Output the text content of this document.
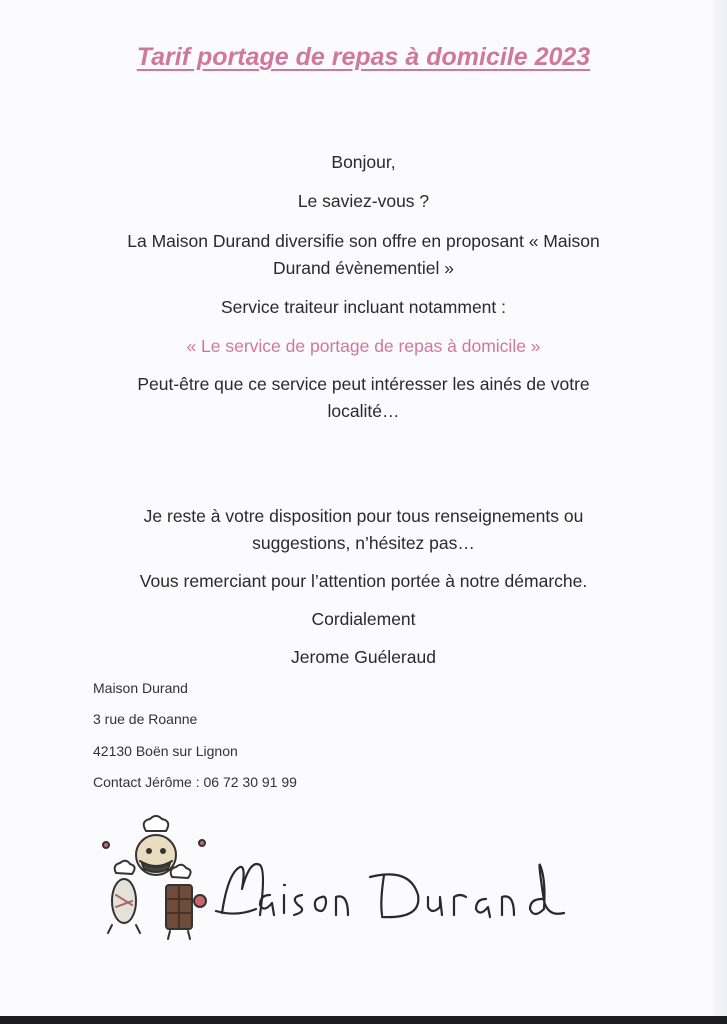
Tarif portage de repas à domicile 2023

Bonjour,

Le saviez-vous ?

La Maison Durand diversifie son offre en proposant « Maison

Durand évènementiel »

Service traiteur incluant notamment :

« Le service de portage de repas à domicile »

Peut-être que ce service peut intéresser les ainés de votre

localité…

Je reste à votre disposition pour tous renseignements ou

suggestions, n’hésitez pas…

Vous remerciant pour l’attention portée à notre démarche.

Cordialement

Jerome Guéleraud

Maison Durand

3 rue de Roanne

42130 Boën sur Lignon

Contact Jérôme : 06 72 30 91 99
